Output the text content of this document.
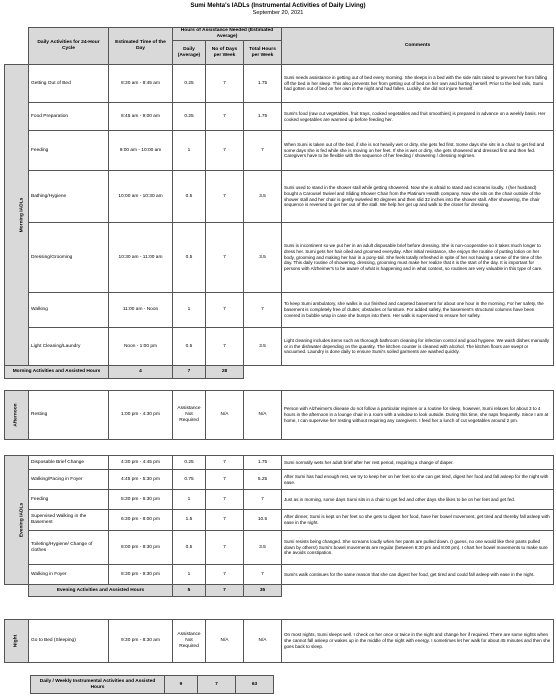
Sumi Mehta's IADLs (Instrumental Activities of Daily Living)
September 20, 2021
	Daily Activities for 24-Hour Cycle	Estimated Time of the Day	Hours of Assistance Needed (Estimated Average)			Comments
			Daily (Average)	No of Days per Week	Total Hours per Week	
Morning IADLs	Getting Out of Bed	8:30 am - 8:45 am	0.25	7	1.75	Sumi needs assistance in getting out of bed every morning. She sleeps in a bed with the side rails raised to prevent her from falling off the bed in her sleep. This also prevents her from getting out of bed on her own and hurting herself. Prior to the bed rails, Sumi had gotten out of bed on her own in the night and had fallen. Luckily, she did not injure herself.
	Food Preparation	8:45 am - 9:00 am	0.25	7	1.75	Sumi's food (raw cut vegetables, fruit trays, cooked vegetables and fruit smoothies) is prepared in advance on a weekly basis. Her cooked vegetables are warmed up before feeding her.
	Feeding	9:00 am - 10:00 am	1	7	7	When Sumi is taken out of the bed, if she is not heavily wet or dirty, she gets fed first. Some days she sits in a chair to get fed and some days she is fed while she is moving on her feet. If she is wet or dirty, she gets showered and dressed first and then fed. Caregivers have to be flexible with the sequence of her feeding / showering / dressing regimen.
	Bathing/Hygiene	10:00 am - 10:30 am	0.5	7	3.5	Sumi used to stand in the shower stall while getting showered. Now she is afraid to stand and screams loudly. I (her husband) bought a Carousel Swivel and Sliding Shower Chair from the Platinum Health company. Now she sits on the chair outside of the shower stall and her chair is gently swiveled 90 degrees and then slid 32 inches into the shower stall. After showering, the chair sequence is reversed to get her out of the stall. We help her get up and walk to the closet for dressing.
	Dressing/Grooming	10:30 am - 11:00 am	0.5	7	3.5	Sumi is incontinent so we put her in an adult disposable brief before dressing. She is non-cooperative so it takes much longer to dress her. Sumi gets her hair oiled and groomed everyday. After initial resistance, she enjoys the routine of putting lotion on her body, grooming and making her hair in a pony-tail. She feels totally refreshed in spite of her not having a sense of the time of the day. This daily routine of showering, dressing, grooming must make her realize that it is the start of the day. It is important for persons with Alzheimer's to be aware of what is happening and in what context, so routines are very valuable in this type of care.
	Walking	11:00 am - Noon	1	7	7	To keep Sumi ambulatory, she walks in our finished and carpeted basement for about one hour in the morning. For her safety, the basement is completely free of clutter, obstacles or furniture. For added safety, the basement's structural columns have been covered in bubble wrap in case she bumps into them. Her walk is supervised to ensure her safety.
	Light Cleaning/Laundry	Noon - 1:00 pm	0.5	7	3.5	Light cleaning includes items such as thorough bathroom cleaning for infection control and good hygiene. We wash dishes manually or in the dishwater depending on the quantity. The kitchen counter is cleaned with alcohol. The kitchen floors are swept or vacuumed. Laundry is done daily to ensure Sumi's soiled garments are washed quickly.
Morning Activities and Assisted Hours		4	7	28		
Afternoon	Resting	1:00 pm - 4:30 pm	Assistance Not Required	N/A	N/A	Person with Alzheimer's disease do not follow a particular regimen or a routine for sleep, however, Sumi relaxes for about 3 to 4 hours in the afternoon in a lounge chair in a room with a window to look outside. During this time, she naps frequently. Since I am at home, I can supervise her resting without requiring any caregivers. I feed her a lunch of cut vegetables around 2 pm.
Evening IADLs	Disposable Brief Change	4:30 pm - 4:45 pm	0.25	7	1.75	Sumi normally wets her adult brief after her rest period, requiring a change of diaper.
	Walking/Pacing in Foyer	4:45 pm - 5:30 pm	0.75	7	5.25	After Sumi has had enough rest, we try to keep her on her feet so she can get tired, digest her food and fall asleep for the night with ease.
	Feeding	5:30 pm - 6:30 pm	1	7	7	Just as in morning, some days Sumi sits in a chair to get fed and other days she likes to be on her feet and get fed.
	Supervised Walking in the Basement	6:30 pm - 8:00 pm	1.5	7	10.5	After dinner, Sumi is kept on her feet so she gets to digest her food, have her bowel movement, get tired and thereby fall asleep with ease in the night.
	Toileting/Hygiene/ Change of clothes	8:00 pm - 8:30 pm	0.5	7	3.5	Sumi resists being changed. She screams loudly when her pants are pulled down. (I guess, no one would like their pants pulled down by others!) Sumi's bowel movements are regular (between 6:30 pm and 8:00 pm). I chart her bowel movements to make sure she avoids constipation.
	Walking in Foyer	8:30 pm - 9:30 pm	1	7	7	Sumi's walk continues for the same reason that she can digest her food, get tired and could fall asleep with ease in the night.
	Evening Activities and Assisted Hours		5	7	35	
Night	Go to Bed (Sleeping)	9:30 pm - 8:30 am	Assistance Not Required	N/A	N/A	On most nights, Sumi sleeps well. I check on her once or twice in the night and change her if required. There are some nights when she cannot fall asleep or wakes up in the middle of the night with energy. I sometimes let her walk for about 45 minutes and then she goes back to sleep.
Daily / Weekly Instrumental Activities and Assisted Hours	9	7	63
